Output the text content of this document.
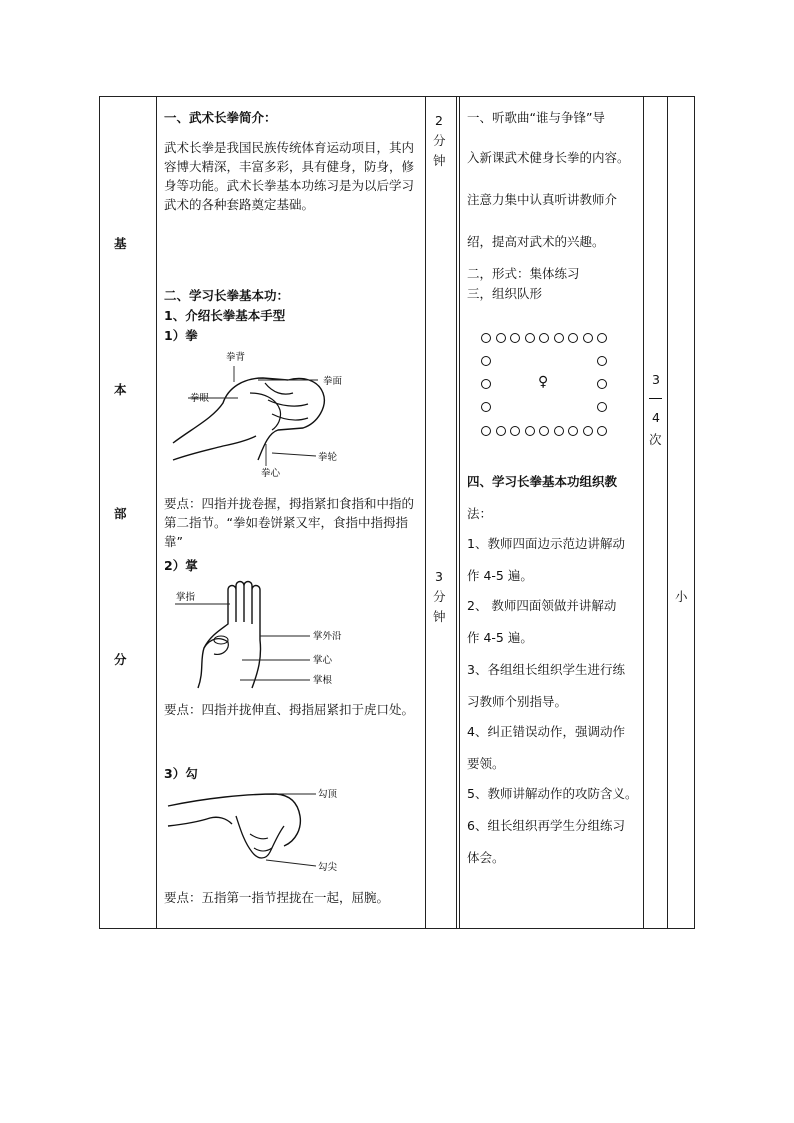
基
本
部
分
一、武术长拳简介：
武术长拳是我国民族传统体育运动项目，其内容博大精深，丰富多彩，具有健身，防身，修身等功能。武术长拳基本功练习是为以后学习武术的各种套路奠定基础。
二、学习长拳基本功：
1、介绍长拳基本手型
1）拳
拳背
拳面
拳眼
拳轮
拳心
要点：四指并拢卷握，拇指紧扣食指和中指的第二指节。“拳如卷饼紧又牢，食指中指拇指靠”
2）掌
掌指
掌外沿
掌心
掌根
要点：四指并拢伸直、拇指屈紧扣于虎口处。
3）勾
勾顶
勾尖
要点：五指第一指节捏拢在一起，屈腕。
2
分
钟
3
分
钟
一、听歌曲“谁与争锋”导
入新课武术健身长拳的内容。
注意力集中认真听讲教师介
绍，提高对武术的兴趣。
二，形式：集体练习
三，组织队形
♀
四、学习长拳基本功组织教
法：
1、教师四面边示范边讲解动
作 4-5 遍。
2、 教师四面领做并讲解动
作 4-5 遍。
3、各组组长组织学生进行练
习教师个别指导。
4、纠正错误动作，强调动作
要领。
5、教师讲解动作的攻防含义。
6、组长组织再学生分组练习
体会。
3
4
次
小
